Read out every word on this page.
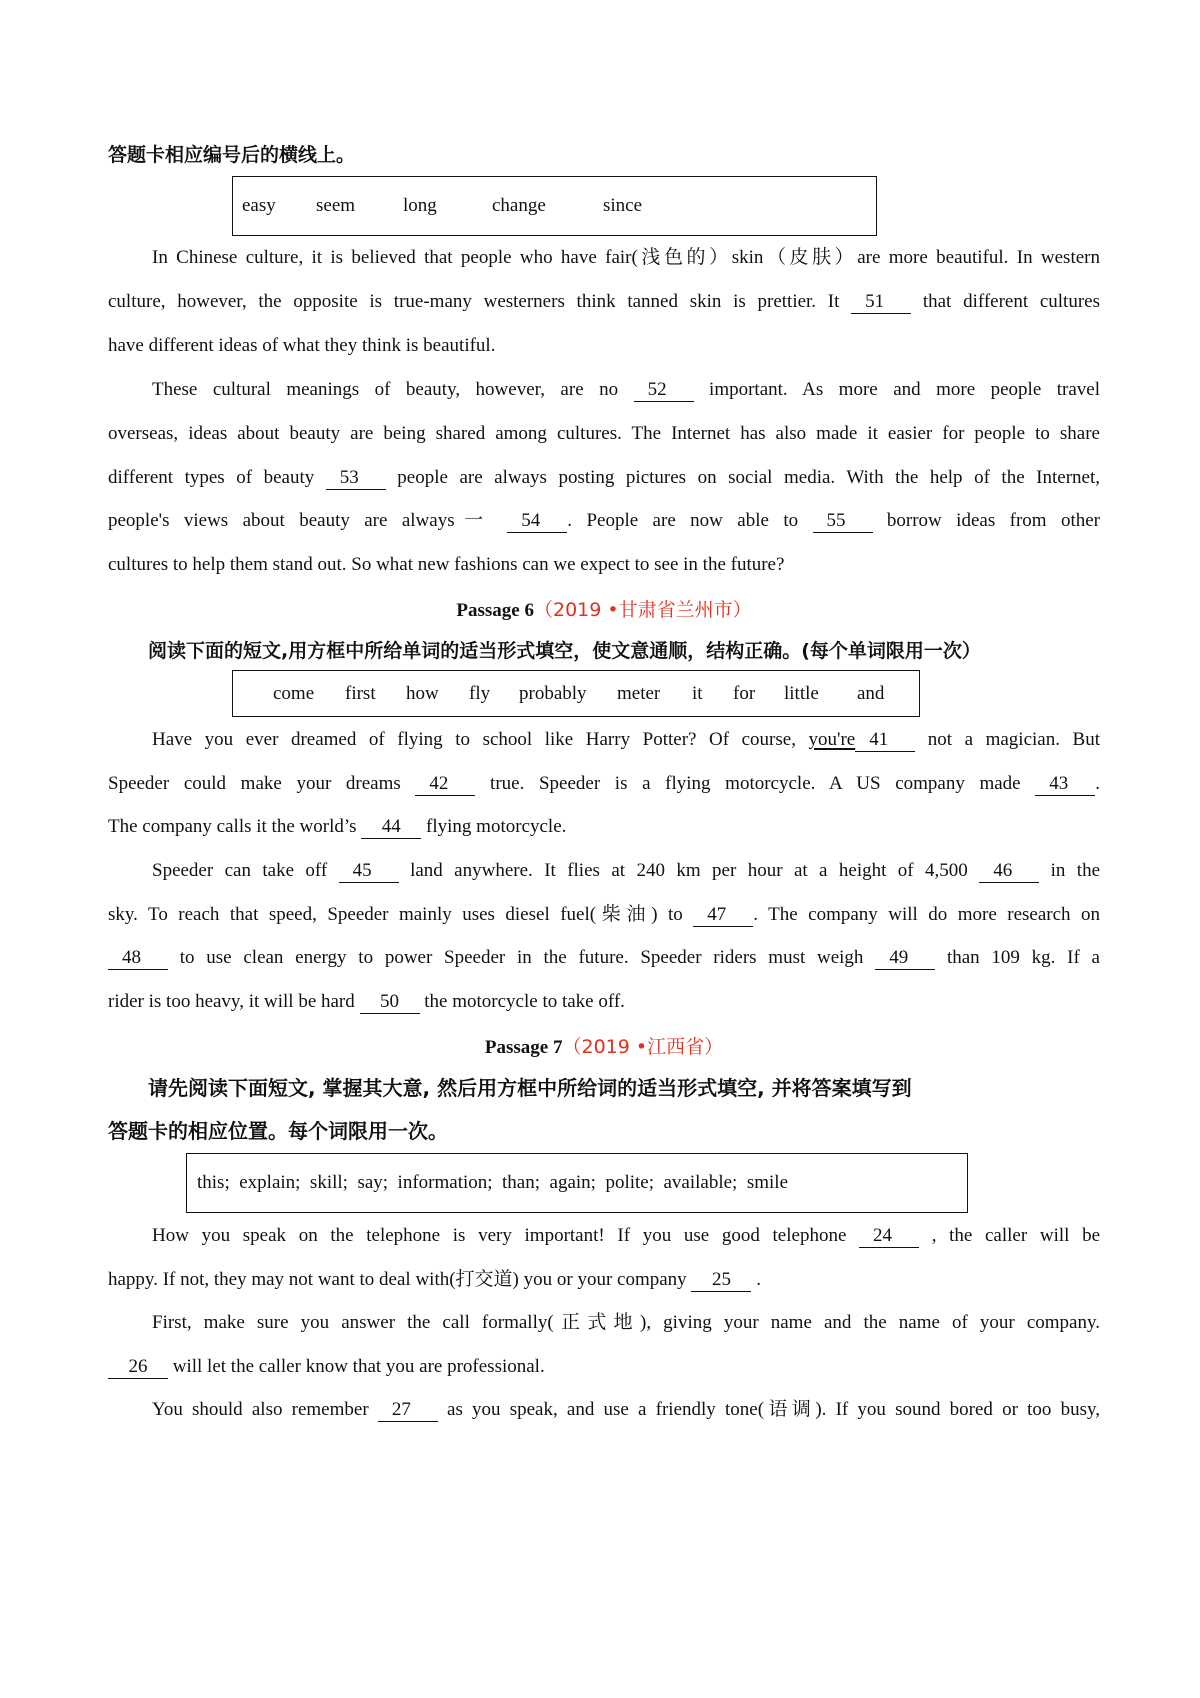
答题卡相应编号后的横线上。
easy seem	long	change	since
In Chinese culture, it is believed that people who have fair(浅色的）skin（皮肤）are more beautiful. In western
culture, however, the opposite is true-many westerners think tanned skin is prettier. It 51 that different cultures
have different ideas of what they think is beautiful.
These cultural meanings of beauty, however, are no 52 important. As more and more people travel
overseas, ideas about beauty are being shared among cultures. The Internet has also made it easier for people to share
different types of beauty 53 people are always posting pictures on social media. With the help of the Internet,
people's views about beauty are always一 54 . People are now able to 55 borrow ideas from other
cultures to help them stand out. So what new fashions can we expect to see in the future?
Passage 6（2019 •甘肃省兰州市）
阅读下面的短文,用方框中所给单词的适当形式填空，使文意通顺，结构正确。(每个单词限用一次）
come first how fly probably meter it for little and
Have you ever dreamed of flying to school like Harry Potter? Of course, you're 41 not a magician. But
Speeder could make your dreams 42 true. Speeder is a flying motorcycle. A US company made 43 .
The company calls it the world’s 44 flying motorcycle.
Speeder can take off 45 land anywhere. It flies at 240 km per hour at a height of 4,500 46 in the
sky. To reach that speed, Speeder mainly uses diesel fuel(柴油) to 47 . The company will do more research on
48 to use clean energy to power Speeder in the future. Speeder riders must weigh 49 than 109 kg. If a
rider is too heavy, it will be hard 50 the motorcycle to take off.
Passage 7（2019 •江西省）
请先阅读下面短文, 掌握其大意, 然后用方框中所给词的适当形式填空, 并将答案填写到
答题卡的相应位置。每个词限用一次。
this;  explain;  skill;  say;  information;  than;  again;  polite;  available;  smile
How you speak on the telephone is very important! If you use good telephone 24 , the caller will be
happy. If not, they may not want to deal with(打交道) you or your company 25 .
First, make sure you answer the call formally(正式地), giving your name and the name of your company.
26 will let the caller know that you are professional.
You should also remember 27 as you speak, and use a friendly tone(语调). If you sound bored or too busy,
